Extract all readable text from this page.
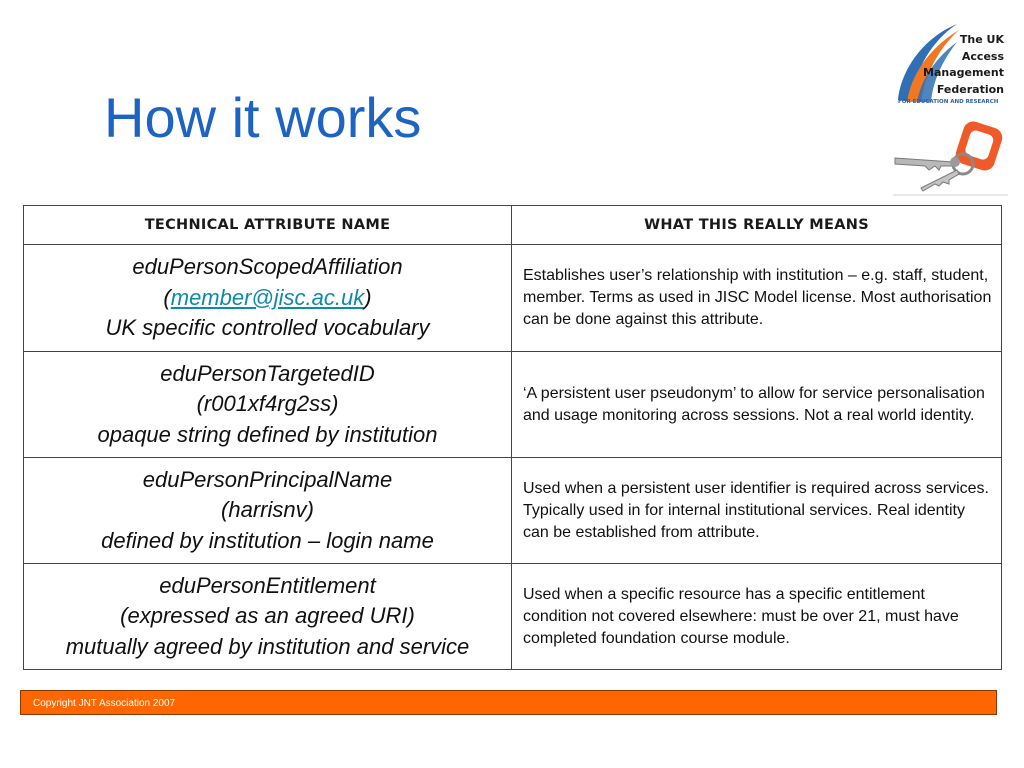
How it works
The UK
Access
Management
Federation
FOR EDUCATION AND RESEARCH
TECHNICAL ATTRIBUTE NAME	WHAT THIS REALLY MEANS

eduPersonScopedAffiliation
(member@jisc.ac.uk)
UK specific controlled vocabulary	Establishes user’s relationship with institution – e.g. staff, student, member. Terms as used in JISC Model license. Most authorisation can be done against this attribute.

eduPersonTargetedID
(r001xf4rg2ss)
opaque string defined by institution	‘A persistent user pseudonym’ to allow for service personalisation and usage monitoring across sessions. Not a real world identity.

eduPersonPrincipalName
(harrisnv)
defined by institution – login name	Used when a persistent user identifier is required across services. Typically used in for internal institutional services. Real identity can be established from attribute.

eduPersonEntitlement
(expressed as an agreed URI)
mutually agreed by institution and service	Used when a specific resource has a specific entitlement condition not covered elsewhere: must be over 21, must have completed foundation course module.
Copyright JNT Association 2007
